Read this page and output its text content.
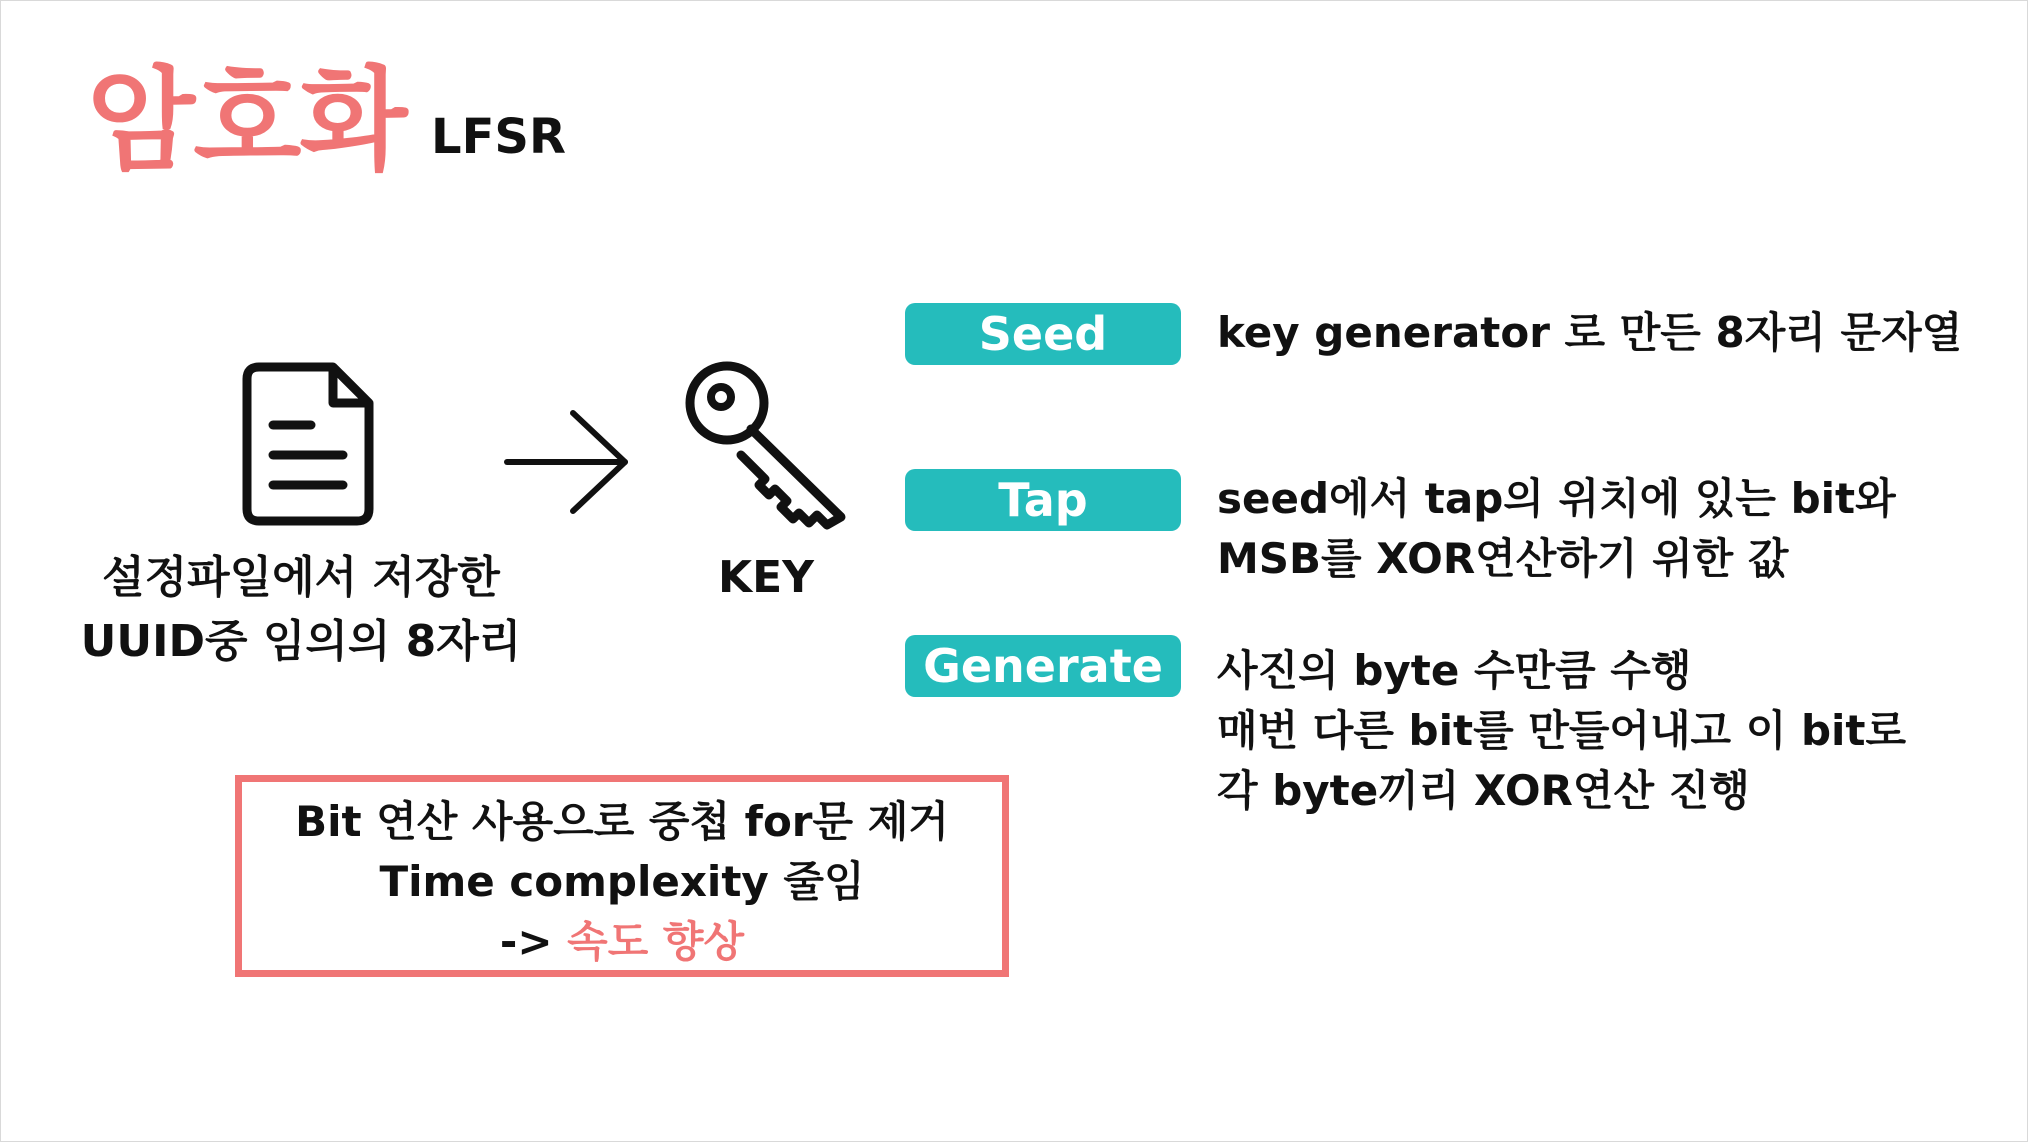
암호화 LFSR
설정파일에서 저장한
UUID중 임의의 8자리
KEY
Seed	key generator 로 만든 8자리 문자열
Tap	seed에서 tap의 위치에 있는 bit와
MSB를 XOR연산하기 위한 값
Generate	사진의 byte 수만큼 수행
매번 다른 bit를 만들어내고 이 bit로
각 byte끼리 XOR연산 진행
Bit 연산 사용으로 중첩 for문 제거
Time complexity 줄임
-> 속도 향상
